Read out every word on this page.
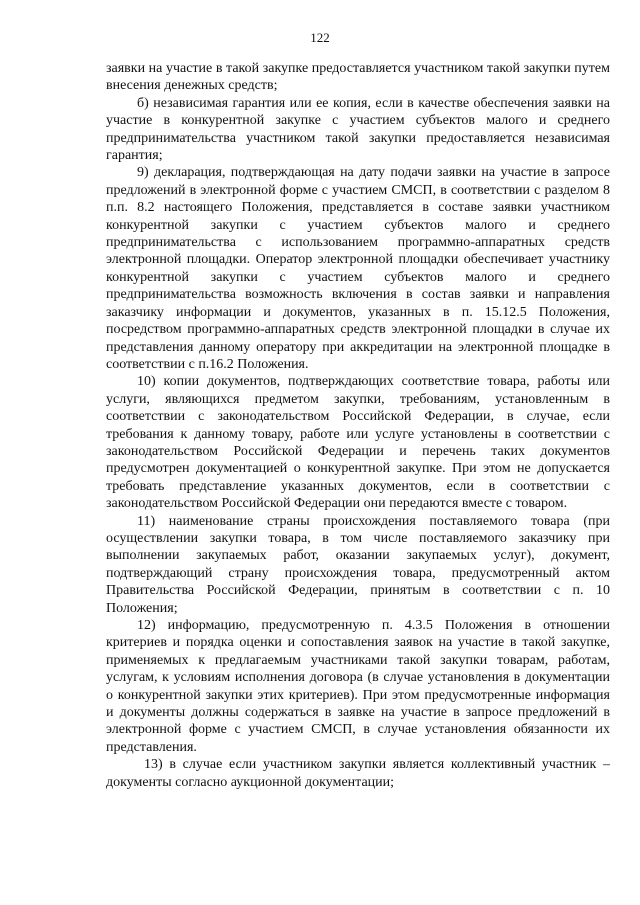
122

заявки на участие в такой закупке предоставляется участником такой закупки путем внесения денежных средств;

б) независимая гарантия или ее копия, если в качестве обеспечения заявки на участие в конкурентной закупке с участием субъектов малого и среднего предпринимательства участником такой закупки предоставляется независимая гарантия;

9) декларация, подтверждающая на дату подачи заявки на участие в запросе предложений в электронной форме с участием СМСП, в соответствии с разделом 8 п.п. 8.2 настоящего Положения, представляется в составе заявки участником конкурентной закупки с участием субъектов малого и среднего предпринимательства с использованием программно-аппаратных средств электронной площадки. Оператор электронной площадки обеспечивает участнику конкурентной закупки с участием субъектов малого и среднего предпринимательства возможность включения в состав заявки и направления заказчику информации и документов, указанных в п. 15.12.5 Положения, посредством программно-аппаратных средств электронной площадки в случае их представления данному оператору при аккредитации на электронной площадке в соответствии с п.16.2 Положения.

10) копии документов, подтверждающих соответствие товара, работы или услуги, являющихся предметом закупки, требованиям, установленным в соответствии с законодательством Российской Федерации, в случае, если требования к данному товару, работе или услуге установлены в соответствии с законодательством Российской Федерации и перечень таких документов предусмотрен документацией о конкурентной закупке. При этом не допускается требовать представление указанных документов, если в соответствии с законодательством Российской Федерации они передаются вместе с товаром.

11) наименование страны происхождения поставляемого товара (при осуществлении закупки товара, в том числе поставляемого заказчику при выполнении закупаемых работ, оказании закупаемых услуг), документ, подтверждающий страну происхождения товара, предусмотренный актом Правительства Российской Федерации, принятым в соответствии с п. 10 Положения;

12) информацию, предусмотренную п. 4.3.5 Положения в отношении критериев и порядка оценки и сопоставления заявок на участие в такой закупке, применяемых к предлагаемым участниками такой закупки товарам, работам, услугам, к условиям исполнения договора (в случае установления в документации о конкурентной закупки этих критериев). При этом предусмотренные информация и документы должны содержаться в заявке на участие в запросе предложений в электронной форме с участием СМСП, в случае установления обязанности их представления.

13) в случае если участником закупки является коллективный участник – документы согласно аукционной документации;
